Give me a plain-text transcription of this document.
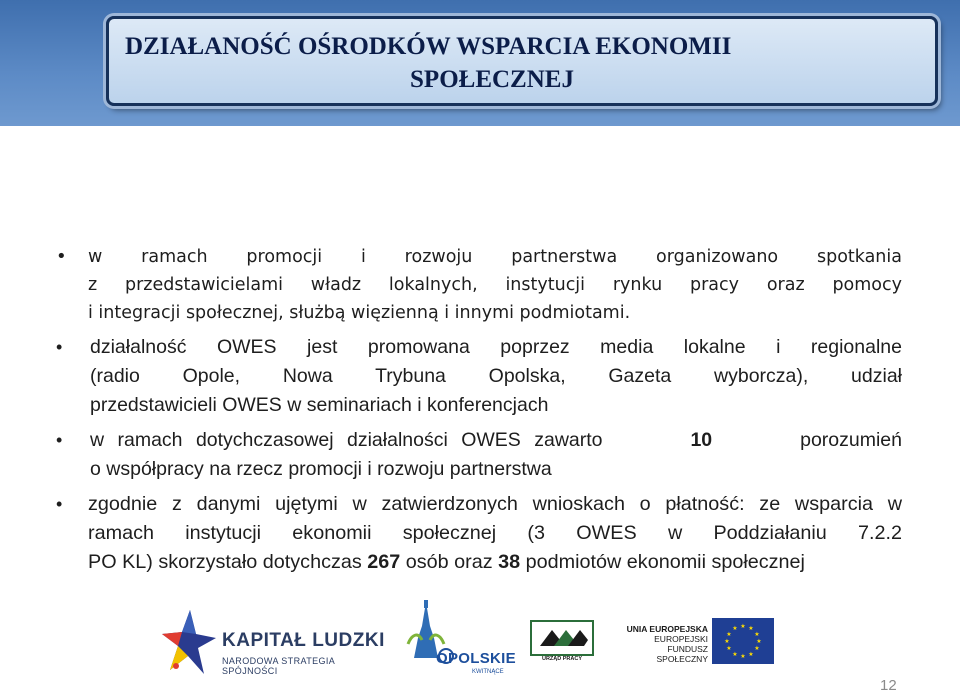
DZIAŁANOŚĆ OŚRODKÓW WSPARCIA EKONOMII
SPOŁECZNEJ
• w ramach promocji i rozwoju partnerstwa organizowano spotkania
z przedstawicielami władz lokalnych, instytucji rynku pracy oraz pomocy
i integracji społecznej, służbą więzienną i innymi podmiotami.
• działalność OWES jest promowana poprzez media lokalne i regionalne
(radio Opole, Nowa Trybuna Opolska, Gazeta wyborcza), udział
przedstawicieli OWES w seminariach i konferencjach
• w ramach dotychczasowej działalności OWES zawarto	10	porozumień
o współpracy na rzecz promocji i rozwoju partnerstwa
• zgodnie z danymi ujętymi w zatwierdzonych wnioskach o płatność: ze wsparcia w
ramach instytucji ekonomii społecznej (3 OWES w Poddziałaniu 7.2.2
PO KL) skorzystało dotychczas 267 osób oraz 38 podmiotów ekonomii społecznej
KAPITAŁ LUDZKI
NARODOWA STRATEGIA SPÓJNOŚCI
OPOLSKIE
KWITNĄCE
URZĄD PRACY
UNIA EUROPEJSKA
EUROPEJSKI
FUNDUSZ SPOŁECZNY
★ ★
★
★
★
★
★
★
★
★
★
★
12
